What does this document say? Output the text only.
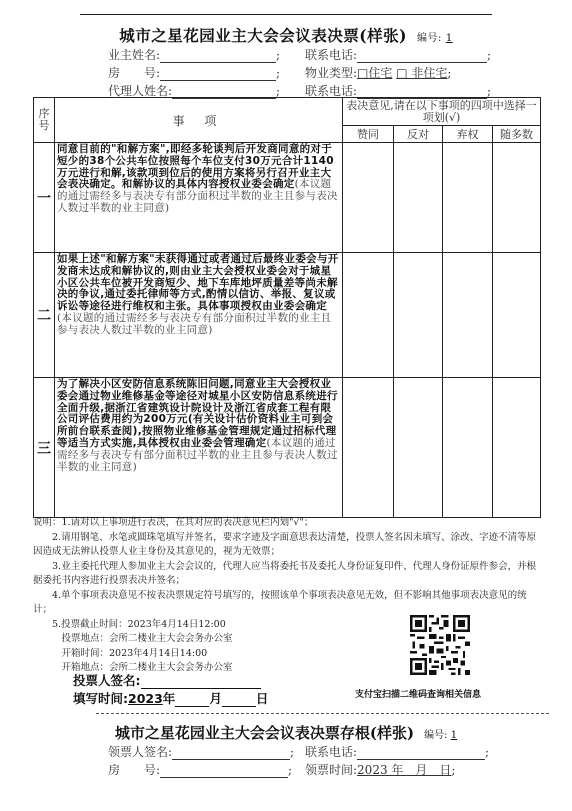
城市之星花园业主大会会议表决票(样张) 编号: 1
业主姓名:	; 联系电话:	;
房　　号:	; 物业类型:□住宅 □ 非住宅;
代理人姓名:	; 联系电话:	;
序号	事 项	表决意见,请在以下事项的四项中选择一项划(√)			
		赞同	反对	弃权	随多数
一	同意目前的"和解方案",即经多轮谈判后开发商同意的对于短少的38个公共车位按照每个车位支付30万元合计1140万元进行和解,该款项到位后的使用方案将另行召开业主大会表决确定。和解协议的具体内容授权业委会确定(本议题的通过需经多与表决专有部分面积过半数的业主且参与表决人数过半数的业主同意)				
二	如果上述"和解方案"未获得通过或者通过后最终业委会与开发商未达成和解协议的,则由业主大会授权业委会对于城星小区公共车位被开发商短少、地下车库地坪质量差等尚未解决的争议,通过委托律师等方式,酌情以信访、举报、复议或诉讼等途径进行维权和主张。具体事项授权由业委会确定(本议题的通过需经多与表决专有部分面积过半数的业主且参与表决人数过半数的业主同意)				
三	为了解决小区安防信息系统陈旧问题,同意业主大会授权业委会通过物业维修基金等途径对城星小区安防信息系统进行全面升级,据浙江省建筑设计院设计及浙江省成套工程有限公司评估费用约为200万元(有关设计估价资料业主可到会所前台联系查阅),按照物业维修基金管理规定通过招标代理等适当方式实施,具体授权由业委会管理确定(本议题的通过需经多与表决专有部分面积过半数的业主且参与表决人数过半数的业主同意)				

说明：1.请对以上事项进行表决，在其对应的表决意见栏内划"√"；

　　2.请用钢笔、水笔或圆珠笔填写并签名，要求字迹及字面意思表达清楚，投票人签名因未填写、涂改、字迹不清等原因造成无法辨认投票人业主身份及其意见的，视为无效票；

　　3.业主委托代理人参加业主大会会议的，代理人应当将委托书及委托人身份证复印件、代理人身份证原件参会，并根据委托书内容进行投票表决并签名；

　　4.单个事项表决意见不按表决票规定符号填写的，按照该单个事项表决意见无效，但不影响其他事项表决意见的统计；

　　5.投票截止时间：2023年4月14日12:00

　　　投票地点：会所二楼业主大会会务办公室

　　　开箱时间：2023年4月14日14:00

　　　开箱地点：会所二楼业主大会会务办公室

支付宝扫描二维码查询相关信息
投票人签名:
填写时间:2023年	月	日
城市之星花园业主大会会议表决票存根(样张) 编号: 1
领票人签名:	; 联系电话:	;
房　　号:	; 领票时间:2023 年　月　日;
